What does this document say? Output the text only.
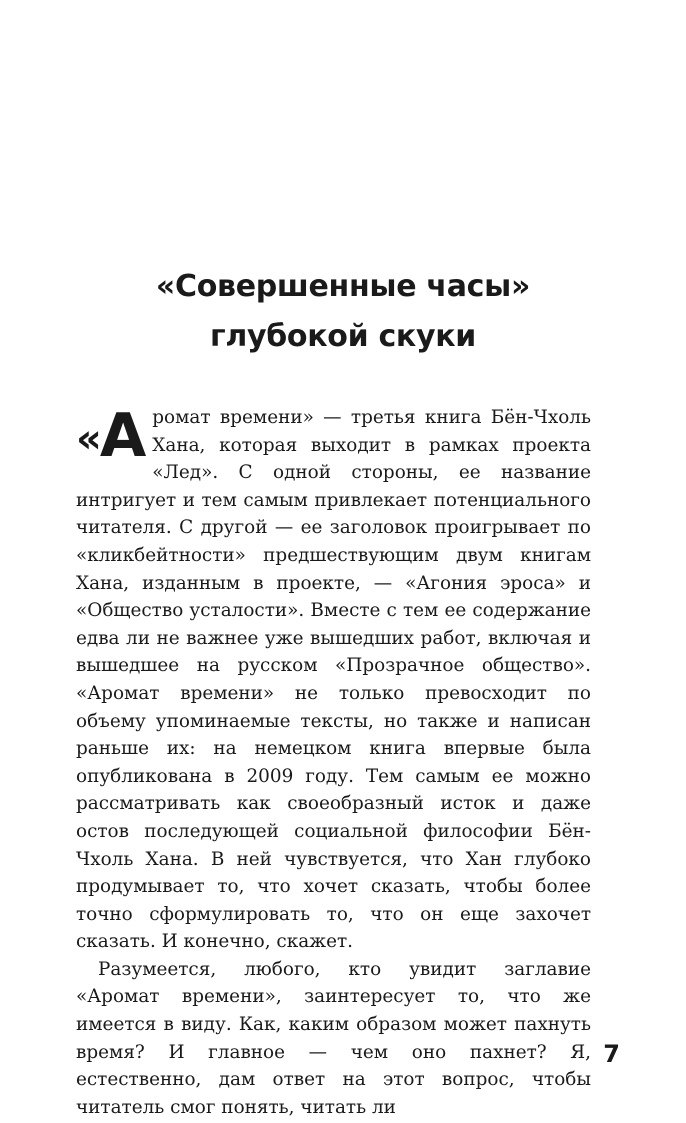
«Совершенные часы»
глубокой скуки

«
А ромат времени» — третья книга Бён-Чхоль Хана, которая выходит в рамках проекта «Лед». С одной стороны, ее название интригует и тем самым привлекает потенциального читателя. С другой — ее заголовок проигрывает по «кликбейтности» предшествующим двум книгам Хана, изданным в проекте, — «Агония эроса» и «Общество усталости». Вместе с тем ее содержание едва ли не важнее уже вышедших работ, включая и вышедшее на русском «Прозрачное общество». «Аромат времени» не только превосходит по объему упоминаемые тексты, но также и написан раньше их: на немецком книга впервые была опубликована в 2009 году. Тем самым ее можно рассматривать как своеобразный исток и даже остов последующей социальной философии Бён-Чхоль Хана. В ней чувствуется, что Хан глубоко продумывает то, что хочет сказать, чтобы более точно сформулировать то, что он еще захочет сказать. И конечно, скажет.

Разумеется, любого, кто увидит заглавие «Аромат времени», заинтересует то, что же имеется в виду. Как, каким образом может пахнуть время? И главное — чем оно пахнет? Я, естественно, дам ответ на этот вопрос, чтобы читатель смог понять, читать ли

7
